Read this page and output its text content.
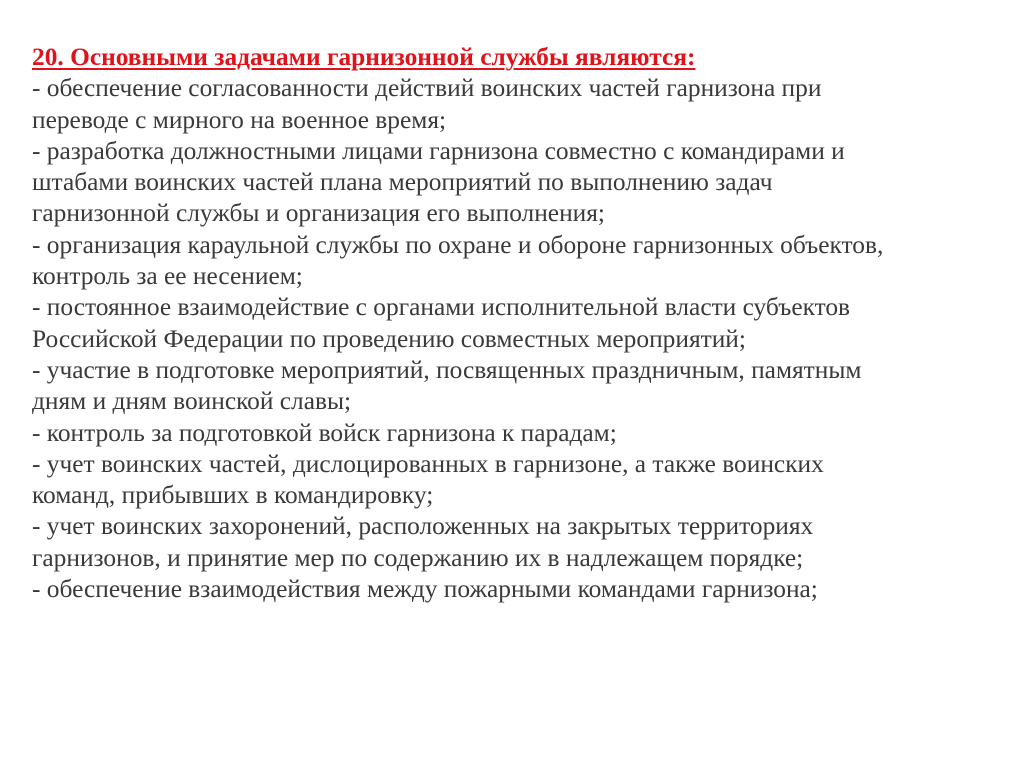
20. Основными задачами гарнизонной службы являются:
- обеспечение согласованности действий воинских частей гарнизона при
переводе с мирного на военное время;
- разработка должностными лицами гарнизона совместно с командирами и
штабами воинских частей плана мероприятий по выполнению задач
гарнизонной службы и организация его выполнения;
- организация караульной службы по охране и обороне гарнизонных объектов,
контроль за ее несением;
- постоянное взаимодействие с органами исполнительной власти субъектов
Российской Федерации по проведению совместных мероприятий;
- участие в подготовке мероприятий, посвященных праздничным, памятным
дням и дням воинской славы;
- контроль за подготовкой войск гарнизона к парадам;
- учет воинских частей, дислоцированных в гарнизоне, а также воинских
команд, прибывших в командировку;
- учет воинских захоронений, расположенных на закрытых территориях
гарнизонов, и принятие мер по содержанию их в надлежащем порядке;
- обеспечение взаимодействия между пожарными командами гарнизона;
